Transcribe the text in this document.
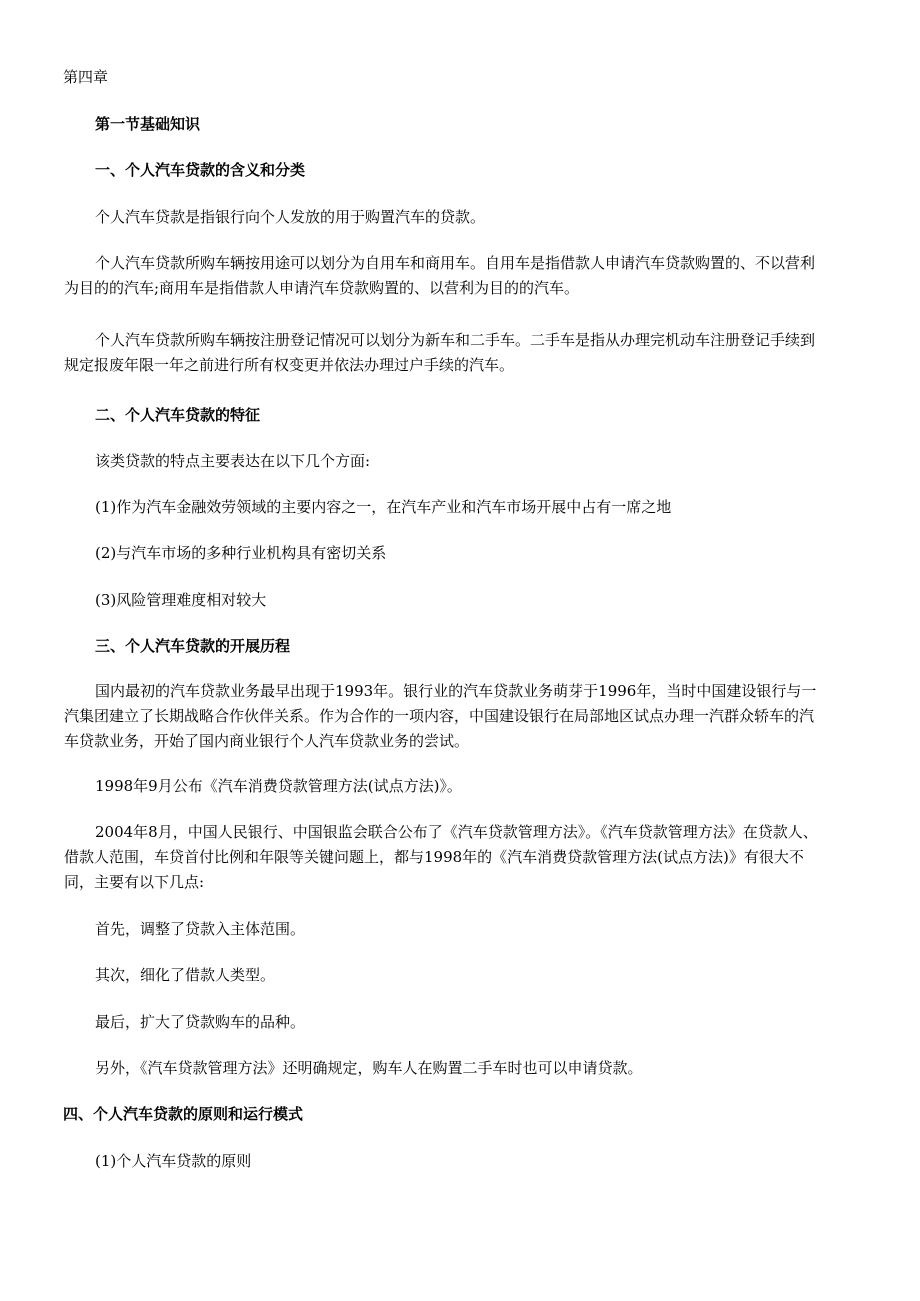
第四章
第一节基础知识
一、个人汽车贷款的含义和分类
个人汽车贷款是指银行向个人发放的用于购置汽车的贷款。
个人汽车贷款所购车辆按用途可以划分为自用车和商用车。自用车是指借款人申请汽车贷款购置的、不以营利为目的的汽车;商用车是指借款人申请汽车贷款购置的、以营利为目的的汽车。
个人汽车贷款所购车辆按注册登记情况可以划分为新车和二手车。二手车是指从办理完机动车注册登记手续到规定报废年限一年之前进行所有权变更并依法办理过户手续的汽车。
二、个人汽车贷款的特征
该类贷款的特点主要表达在以下几个方面:
(1)作为汽车金融效劳领域的主要内容之一，在汽车产业和汽车市场开展中占有一席之地
(2)与汽车市场的多种行业机构具有密切关系
(3)风险管理难度相对较大
三、个人汽车贷款的开展历程
国内最初的汽车贷款业务最早出现于1993年。银行业的汽车贷款业务萌芽于1996年，当时中国建设银行与一汽集团建立了长期战略合作伙伴关系。作为合作的一项内容，中国建设银行在局部地区试点办理一汽群众轿车的汽车贷款业务，开始了国内商业银行个人汽车贷款业务的尝试。
1998年9月公布《汽车消费贷款管理方法(试点方法)》。
2004年8月，中国人民银行、中国银监会联合公布了《汽车贷款管理方法》。《汽车贷款管理方法》在贷款人、借款人范围，车贷首付比例和年限等关键问题上，都与1998年的《汽车消费贷款管理方法(试点方法)》有很大不同，主要有以下几点:
首先，调整了贷款入主体范围。
其次，细化了借款人类型。
最后，扩大了贷款购车的品种。
另外，《汽车贷款管理方法》还明确规定，购车人在购置二手车时也可以申请贷款。
四、个人汽车贷款的原则和运行模式
(1)个人汽车贷款的原则
